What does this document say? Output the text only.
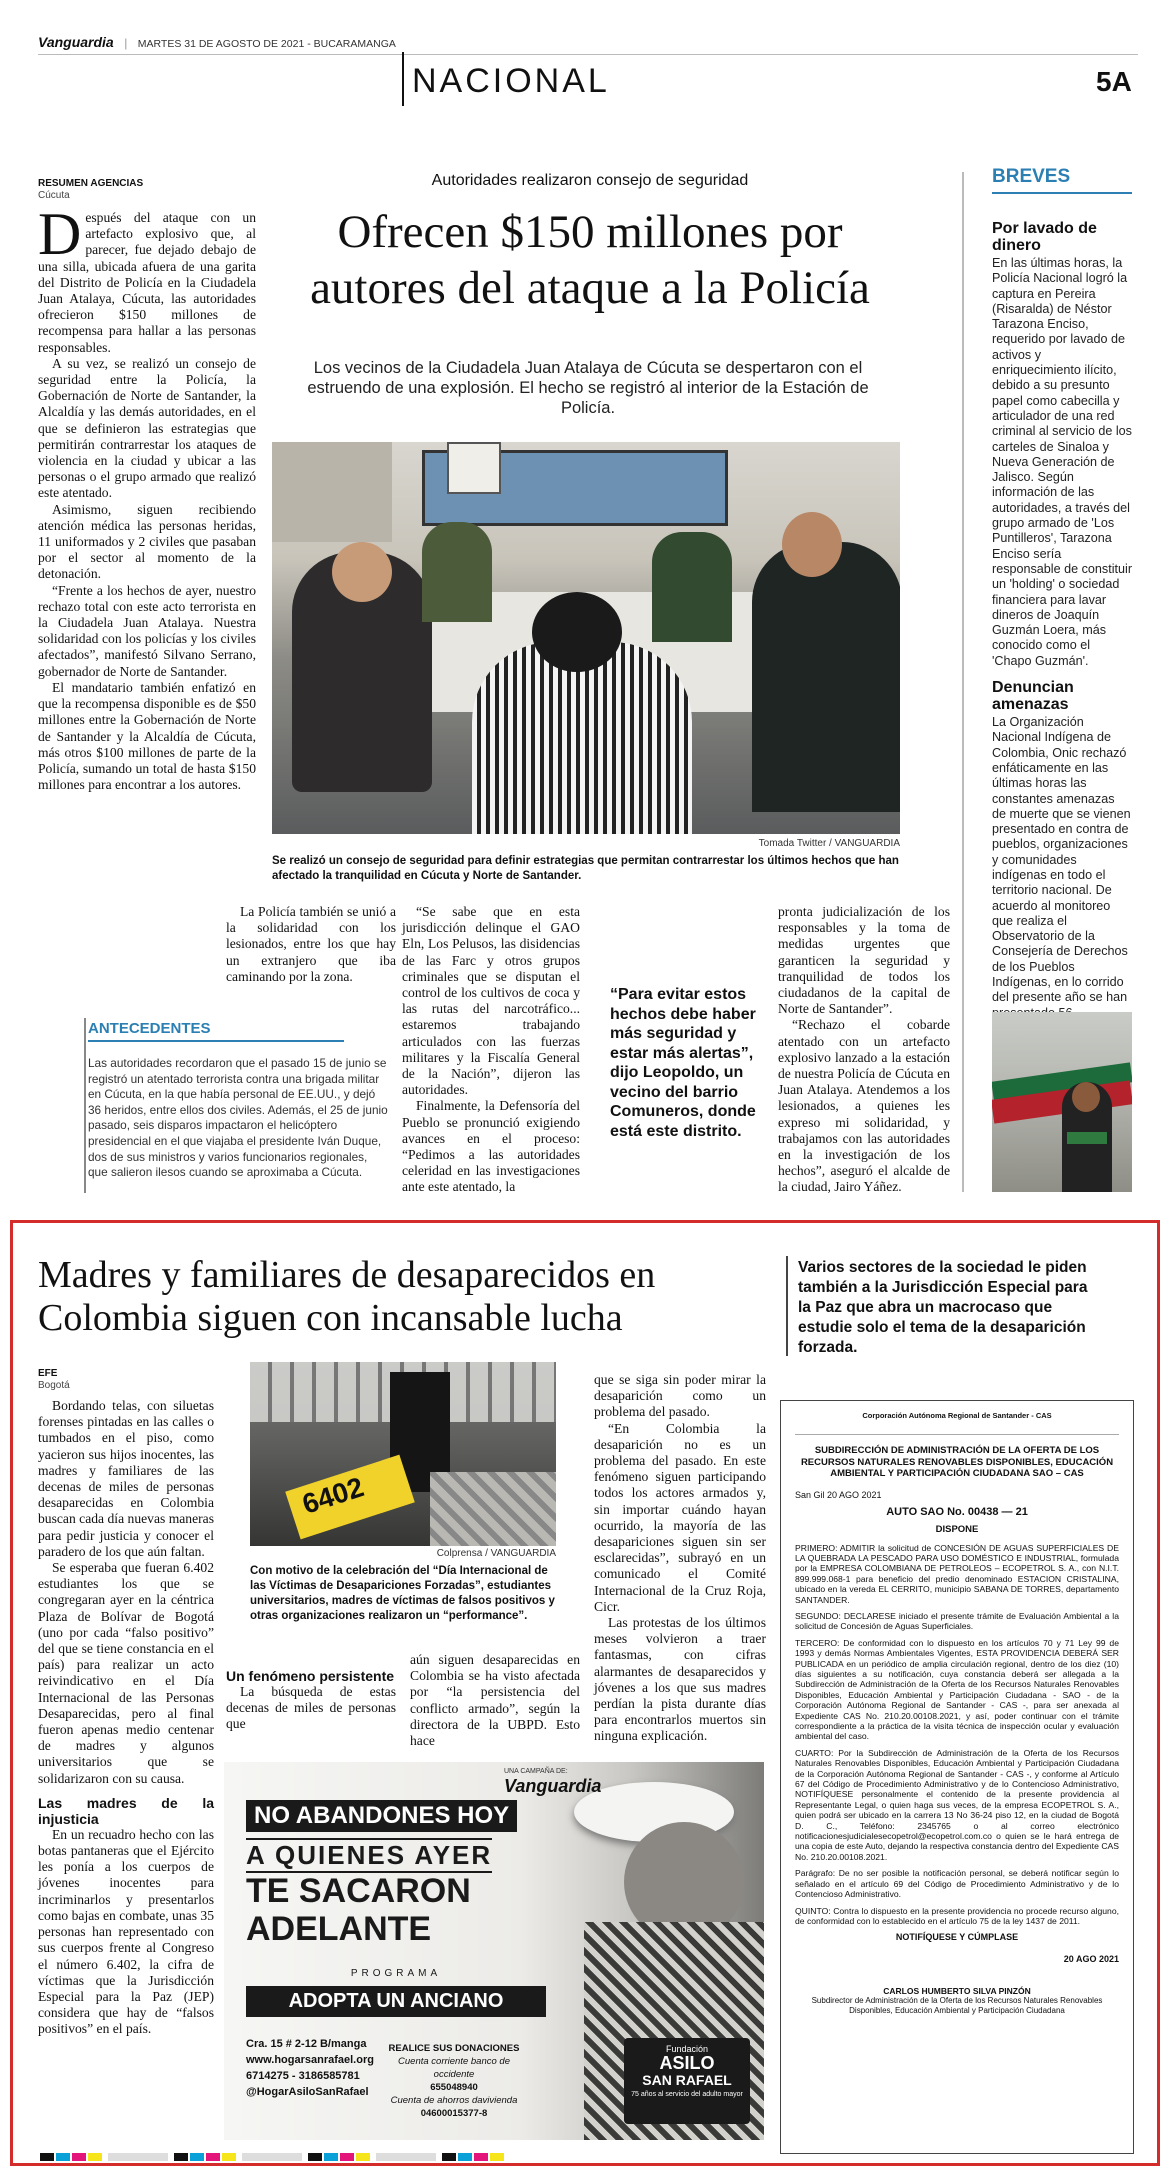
Vanguardia | MARTES 31 DE AGOSTO DE 2021 - BUCARAMANGA
NACIONAL	5A
RESUMEN AGENCIAS
Cúcuta
Autoridades realizaron consejo de seguridad
Ofrecen $150 millones por
autores del ataque a la Policía
Los vecinos de la Ciudadela Juan Atalaya de Cúcuta se despertaron con el estruendo de una explosión. El hecho se registró al interior de la Estación de Policía.
Tomada Twitter / VANGUARDIA
Se realizó un consejo de seguridad para definir estrategias que permitan contrarrestar los últimos hechos que han afectado la tranquilidad en Cúcuta y Norte de Santander.

Después del ataque con un artefacto explosivo que, al parecer, fue dejado debajo de una silla, ubicada afuera de una garita del Distrito de Policía en la Ciudadela Juan Atalaya, Cúcuta, las autoridades ofrecieron $150 millones de recompensa para hallar a las personas responsables.

A su vez, se realizó un consejo de seguridad entre la Policía, la Gobernación de Norte de Santander, la Alcaldía y las demás autoridades, en el que se definieron las estrategias que permitirán contrarrestar los ataques de violencia en la ciudad y ubicar a las personas o el grupo armado que realizó este atentado.

Asimismo, siguen recibiendo atención médica las personas heridas, 11 uniformados y 2 civiles que pasaban por el sector al momento de la detonación.

“Frente a los hechos de ayer, nuestro rechazo total con este acto terrorista en la Ciudadela Juan Atalaya. Nuestra solidaridad con los policías y los civiles afectados”, manifestó Silvano Serrano, gobernador de Norte de Santander.

El mandatario también enfatizó en que la recompensa disponible es de $50 millones entre la Gobernación de Norte de Santander y la Alcaldía de Cúcuta, más otros $100 millones de parte de la Policía, sumando un total de hasta $150 millones para encontrar a los autores.

La Policía también se unió a la solidaridad con los lesionados, entre los que hay un extranjero que iba caminando por la zona.

“Se sabe que en esta jurisdicción delinque el GAO Eln, Los Pelusos, las disidencias de las Farc y otros grupos criminales que se disputan el control de los cultivos de coca y las rutas del narcotráfico... estaremos trabajando articulados con las fuerzas militares y la Fiscalía General de la Nación”, dijeron las autoridades.

Finalmente, la Defensoría del Pueblo se pronunció exigiendo avances en el proceso: “Pedimos a las autoridades celeridad en las investigaciones ante este atentado, la

“Para evitar estos hechos debe haber más seguridad y estar más alertas”, dijo Leopoldo, un vecino del barrio Comuneros, donde está este distrito.

pronta judicialización de los responsables y la toma de medidas urgentes que garanticen la seguridad y tranquilidad de todos los ciudadanos de la capital de Norte de Santander”.

“Rechazo el cobarde atentado con un artefacto explosivo lanzado a la estación de nuestra Policía de Cúcuta en Juan Atalaya. Atendemos a los lesionados, a quienes les expreso mi solidaridad, y trabajamos con las autoridades en la investigación de los hechos”, aseguró el alcalde de la ciudad, Jairo Yáñez.

ANTECEDENTES
Las autoridades recordaron que el pasado 15 de junio se registró un atentado terrorista contra una brigada militar en Cúcuta, en la que había personal de EE.UU., y dejó 36 heridos, entre ellos dos civiles. Además, el 25 de junio pasado, seis disparos impactaron el helicóptero presidencial en el que viajaba el presidente Iván Duque, dos de sus ministros y varios funcionarios regionales, que salieron ilesos cuando se aproximaba a Cúcuta.
BREVES
Por lavado de dinero

En las últimas horas, la Policía Nacional logró la captura en Pereira (Risaralda) de Néstor Tarazona Enciso, requerido por lavado de activos y enriquecimiento ilícito, debido a su presunto papel como cabecilla y articulador de una red criminal al servicio de los carteles de Sinaloa y Nueva Generación de Jalisco. Según información de las autoridades, a través del grupo armado de 'Los Puntilleros', Tarazona Enciso sería responsable de constituir un 'holding' o sociedad financiera para lavar dineros de Joaquín Guzmán Loera, más conocido como el 'Chapo Guzmán'.

Denuncian amenazas

La Organización Nacional Indígena de Colombia, Onic rechazó enfáticamente en las últimas horas las constantes amenazas de muerte que se vienen presentado en contra de pueblos, organizaciones y comunidades indígenas en todo el territorio nacional. De acuerdo al monitoreo que realiza el Observatorio de la Consejería de Derechos de los Pueblos Indígenas, en lo corrido del presente año se han

Madres y familiares de desaparecidos en
Colombia siguen con incansable lucha
Varios sectores de la sociedad le piden también a la Jurisdicción Especial para la Paz que abra un macrocaso que estudie solo el tema de la desaparición forzada.
EFE
Bogotá
6402
Colprensa / VANGUARDIA
Con motivo de la celebración del “Día Internacional de las Víctimas de Desapariciones Forzadas”, estudiantes universitarios, madres de víctimas de falsos positivos y otras organizaciones realizaron un “performance”.

Bordando telas, con siluetas forenses pintadas en las calles o tumbados en el piso, como yacieron sus hijos inocentes, las madres y familiares de las decenas de miles de personas desaparecidas en Colombia buscan cada día nuevas maneras para pedir justicia y conocer el paradero de los que aún faltan.

Se esperaba que fueran 6.402 estudiantes los que se congregaran ayer en la céntrica Plaza de Bolívar de Bogotá (uno por cada “falso positivo” del que se tiene constancia en el país) para realizar un acto reivindicativo en el Día Internacional de las Personas Desaparecidas, pero al final fueron apenas medio centenar de madres y algunos universitarios que se solidarizaron con su causa.

Las madres de la injusticia

En un recuadro hecho con las botas pantaneras que el Ejército les ponía a los cuerpos de jóvenes inocentes para incriminarlos y presentarlos como bajas en combate, unas 35 personas han representado con sus cuerpos frente al Congreso el número 6.402, la cifra de víctimas que la Jurisdicción Especial para la Paz (JEP) considera que hay de “falsos positivos” en el país.

Un fenómeno persistente

La búsqueda de estas decenas de miles de personas que

aún siguen desaparecidas en Colombia se ha visto afectada por “la persistencia del conflicto armado”, según la directora de la UBPD. Esto hace

que se siga sin poder mirar la desaparición como un problema del pasado.

“En Colombia la desaparición no es un problema del pasado. En este fenómeno siguen participando todos los actores armados y, sin importar cuándo hayan ocurrido, la mayoría de las desapariciones siguen sin ser esclarecidas”, subrayó en un comunicado el Comité Internacional de la Cruz Roja, Cicr.

Las protestas de los últimos meses volvieron a traer fantasmas, con cifras alarmantes de desaparecidos y jóvenes a los que sus madres perdían la pista durante días para encontrarlos muertos sin ninguna explicación.

UNA CAMPAÑA DE:
Vanguardia
NO ABANDONES HOY
A QUIENES AYER
TE SACARON
ADELANTE
PROGRAMA
ADOPTA UN ANCIANO
Cra. 15 # 2-12 B/manga
www.hogarsanrafael.org
6714275 - 3186585781
@HogarAsiloSanRafael
REALICE SUS DONACIONES
Cuenta corriente banco de occidente
655048940
Cuenta de ahorros davivienda
04600015377-8
Fundación
ASILO
SAN RAFAEL
75 años al servicio del adulto mayor
Corporación Autónoma Regional de Santander - CAS
SUBDIRECCIÓN DE ADMINISTRACIÓN DE LA OFERTA DE LOS RECURSOS NATURALES RENOVABLES DISPONIBLES, EDUCACIÓN AMBIENTAL Y PARTICIPACIÓN CIUDADANA SAO – CAS
San Gil 20 AGO 2021
AUTO SAO No. 00438 — 21
DISPONE

PRIMERO: ADMITIR la solicitud de CONCESIÓN DE AGUAS SUPERFICIALES DE LA QUEBRADA LA PESCADO PARA USO DOMÉSTICO E INDUSTRIAL, formulada por la EMPRESA COLOMBIANA DE PETROLEOS – ECOPETROL S. A., con N.I.T. 899.999.068-1 para beneficio del predio denominado ESTACION CRISTALINA, ubicado en la vereda EL CERRITO, municipio SABANA DE TORRES, departamento SANTANDER.

SEGUNDO: DECLARESE iniciado el presente trámite de Evaluación Ambiental a la solicitud de Concesión de Aguas Superficiales.

TERCERO: De conformidad con lo dispuesto en los artículos 70 y 71 Ley 99 de 1993 y demás Normas Ambientales Vigentes, ESTA PROVIDENCIA DEBERÁ SER PUBLICADA en un periódico de amplia circulación regional, dentro de los diez (10) días siguientes a su notificación, cuya constancia deberá ser allegada a la Subdirección de Administración de la Oferta de los Recursos Naturales Renovables Disponibles, Educación Ambiental y Participación Ciudadana - SAO - de la Corporación Autónoma Regional de Santander - CAS -, para ser anexada al Expediente CAS No. 210.20.00108.2021, y así, poder continuar con el trámite correspondiente a la práctica de la visita técnica de inspección ocular y evaluación ambiental del caso.

CUARTO: Por la Subdirección de Administración de la Oferta de los Recursos Naturales Renovables Disponibles, Educación Ambiental y Participación Ciudadana de la Corporación Autónoma Regional de Santander - CAS -, y conforme al Artículo 67 del Código de Procedimiento Administrativo y de lo Contencioso Administrativo, NOTIFÍQUESE personalmente el contenido de la presente providencia al Representante Legal, o quien haga sus veces, de la empresa ECOPETROL S. A., quien podrá ser ubicado en la carrera 13 No 36-24 piso 12, en la ciudad de Bogotá D. C., Teléfono: 2345765 o al correo electrónico notificacionesjudicialesecopetrol@ecopetrol.com.co o quien se le hará entrega de una copia de este Auto, dejando la respectiva constancia dentro del Expediente CAS No. 210.20.00108.2021.

Parágrafo: De no ser posible la notificación personal, se deberá notificar según lo señalado en el artículo 69 del Código de Procedimiento Administrativo y de lo Contencioso Administrativo.

QUINTO: Contra lo dispuesto en la presente providencia no procede recurso alguno, de conformidad con lo establecido en el artículo 75 de la ley 1437 de 2011.

NOTIFÍQUESE Y CÚMPLASE
20 AGO 2021
CARLOS HUMBERTO SILVA PINZÓN
Subdirector de Administración de la Oferta de los Recursos Naturales Renovables Disponibles, Educación Ambiental y Participación Ciudadana
